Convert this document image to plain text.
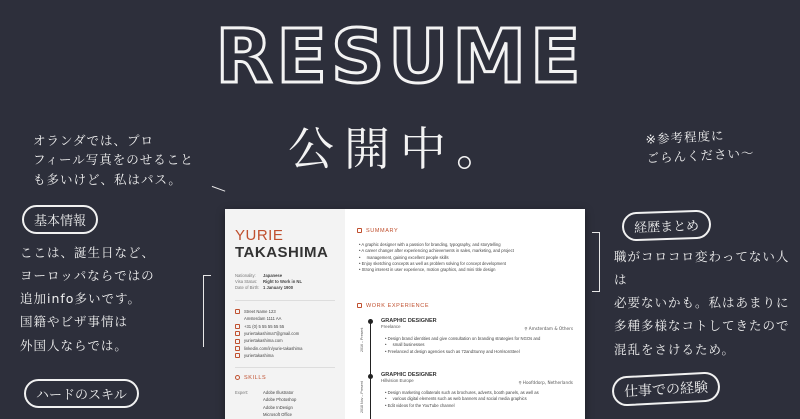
RESUME
公開中。
オランダでは、プロ
フィール写真をのせること
も多いけど、私はパス。
※参考程度に
ごらんください〜
基本情報
ここは、誕生日など、
ヨーロッパならではの
追加info多いです。
国籍やビザ事情は
外国人ならでは。
経歴まとめ
職がコロコロ変わってない人は
必要ないかも。私はあまりに
多種多様なコトしてきたので
混乱をさけるため。
ハードのスキル	仕事での経験
YURIE
TAKASHIMA
Nationality:	Japanese
Visa Status:	Right to Work in NL
Date of Birth: 1 January 1900
Street Name 123
Amsterdam 1111 AA
+31 (0) 5 55 55 55 55
yuriertakashima7@gmail.com
yuriertakashima.com
linkedin.com/in/yurie-takashima
yuriertakashima
SKILLS
Expert:	Adobe Illustrator
Adobe Photoshop
Adobe InDesign
Microsoft Office
SUMMARY
• A graphic designer with a passion for branding, typography, and storytelling
• A career changer after experiencing achievements in sales, marketing, and project
• management, gaining excellent people skills
• Enjoy sketching concepts as well as problem solving for concept development
• Strong interest in user experience, motion graphics, and mini title design
WORK EXPERIENCE
2016 – Present
2018 Nov – Present
GRAPHIC DESIGNER
Freelance	⚲ Amsterdam & Others
• Design brand identities and give consultation on branding strategies for NGOs and
• small businesses
• Freelanced at design agencies such as 72andSunny and HorrisonSteel
GRAPHIC DESIGNER
Hillvision Europe	⚲ Hoofddorp, Netherlands
• Design marketing collaterals such as brochures, adverts, booth panels, as well as
• various digital elements such as web banners and social media graphics
• Edit videos for the YouTube channel
